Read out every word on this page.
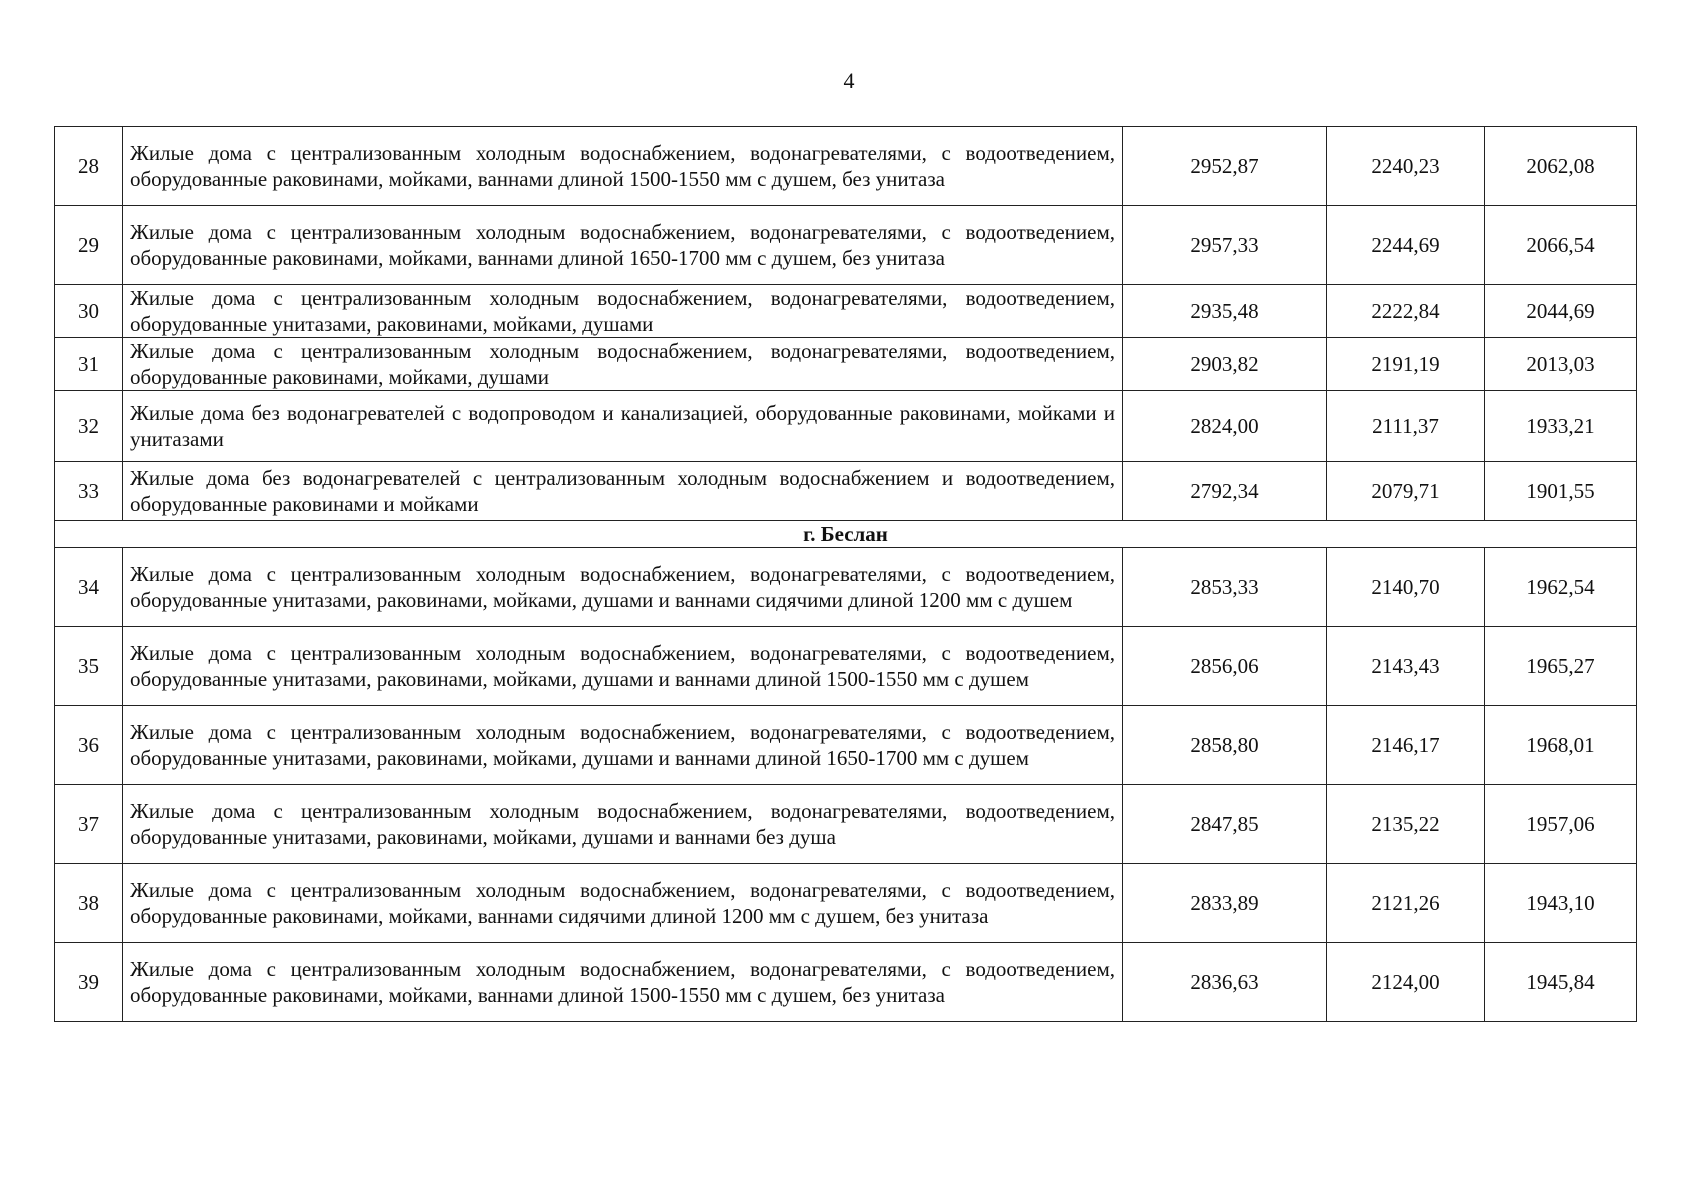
4
28	Жилые дома с централизованным холодным водоснабжением, водонагревателями, с водоотведением, оборудованные раковинами, мойками, ваннами длиной 1500-1550 мм с душем, без унитаза	2952,87	2240,23	2062,08
29	Жилые дома с централизованным холодным водоснабжением, водонагревателями, с водоотведением, оборудованные раковинами, мойками, ваннами длиной 1650-1700 мм с душем, без унитаза	2957,33	2244,69	2066,54
30	Жилые дома с централизованным холодным водоснабжением, водонагревателями, водоотведением, оборудованные унитазами, раковинами, мойками, душами	2935,48	2222,84	2044,69
31	Жилые дома с централизованным холодным водоснабжением, водонагревателями, водоотведением, оборудованные раковинами, мойками, душами	2903,82	2191,19	2013,03
32	Жилые дома без водонагревателей с водопроводом и канализацией, оборудованные раковинами, мойками и унитазами	2824,00	2111,37	1933,21
33	Жилые дома без водонагревателей с централизованным холодным водоснабжением и водоотведением, оборудованные раковинами и мойками	2792,34	2079,71	1901,55
г. Беслан				
34	Жилые дома с централизованным холодным водоснабжением, водонагревателями, с водоотведением, оборудованные унитазами, раковинами, мойками, душами и ваннами сидячими длиной 1200 мм с душем	2853,33	2140,70	1962,54
35	Жилые дома с централизованным холодным водоснабжением, водонагревателями, с водоотведением, оборудованные унитазами, раковинами, мойками, душами и ваннами длиной 1500-1550 мм с душем	2856,06	2143,43	1965,27
36	Жилые дома с централизованным холодным водоснабжением, водонагревателями, с водоотведением, оборудованные унитазами, раковинами, мойками, душами и ваннами длиной 1650-1700 мм с душем	2858,80	2146,17	1968,01
37	Жилые дома с централизованным холодным водоснабжением, водонагревателями, водоотведением, оборудованные унитазами, раковинами, мойками, душами и ваннами без душа	2847,85	2135,22	1957,06
38	Жилые дома с централизованным холодным водоснабжением, водонагревателями, с водоотведением, оборудованные раковинами, мойками, ваннами сидячими длиной 1200 мм с душем, без унитаза	2833,89	2121,26	1943,10
39	Жилые дома с централизованным холодным водоснабжением, водонагревателями, с водоотведением, оборудованные раковинами, мойками, ваннами длиной 1500-1550 мм с душем, без унитаза	2836,63	2124,00	1945,84
